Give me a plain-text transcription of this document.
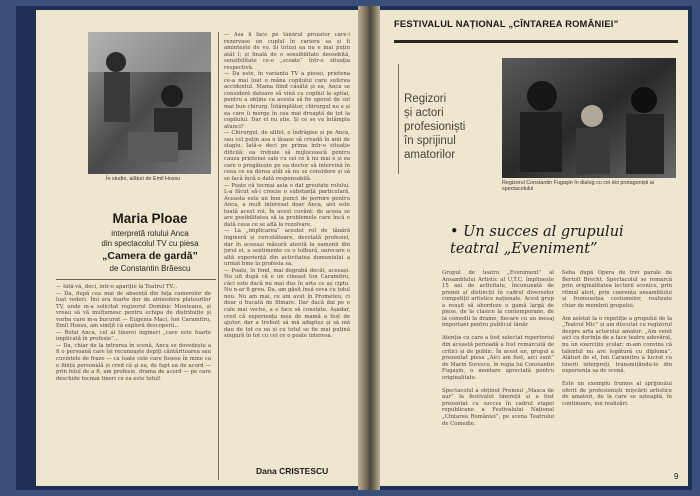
În studio, alături de Emil Hossu
Maria Ploae
interpretă rolului Anca
din spectacolul TV cu piesa
„Camera de gardă”
de Constantin Brăescu
— Iată-vă, deci, într-o apariție la Teatrul TV...
— Da, după cea mai de absență din fața camerelor de luat vederi. Îmi era foarte dor de atmosfera platourilor TV, unde m-a solicitat regizorul Dominic Munteanu, și vreau să vă mulțumesc pentru echipa de distribuție și vorba care m-a bucurat — Eugenia Maci, Ion Caramitru, Emil Hossu, am simțit că exploră descoperii...
— Rolul Anca, cel al tinerei ingineri „care este foarte implicată în profesie”...
— Da, chiar de la intrarea în scenă, Anca se dovedește a fi o persoană care își recunoaște depiți cântăritoarea sau cuvintele de fraze — ca toate cele care fusese în mine ca o ființă personală și cred că și ea, de fapt ea de acord — prin felul de a fi, am profesie, drama de acord — pe care deschide tocmai tineri ce ea este totul!
— Asa îi face pe tânărul prozator care-i rezervase un cuplul în cariera sa și îi amintește de vo. Și totuși ea nu e mai puțin atât î; și finală de o sensibilitate deosebită, sensibilitate ce-o „scoate” într-o situația respectivă.
— Da este, în varianta TV a piesei, prietena ce-a mai luat o mâna copilului care suferea accidentul. Mama fiind căsătă și ea, Anca se consideră datoare să vină cu copilul la spital, pentru a obține ca acesta să fie operat de cel mai bun chirurg. Întâmplător, chirurgul nu e și ea care îi merge în cea mai dreaptă de tot la copilului. Dar el nu știe. Și ce se va întâmpla atunci?
— Chirurgul, de altfel, o îndrăgise și pe Anca, sau cel puțin asa o lăsase să creadă în anii de stagiu. Iată-o deci pe prima într-o situație dificilă: ea trebuie să mijlocească pentru cauza prietenei sale cu cei ce îi nu mai e și ea care o pregătește pe ea doctor să intervină în ceea ce ea dorea atât să nu se considere și să se facă încă o dată responsabilă.
— Poate că tocmai asta o dat greutate rolului. L-a făcut să-i creeze o substanță particulară. Aceasta este un bun punct de pornire pentru Anca, a mult interesat doar Anca, aici este toată acest rol. În acest cuvânt: de aceea se are posibilitatea să ia problemele care încă o dată ceea ce se află la rezolvare.
— La „implicarea” acestei rol de tânără ingineră și cercetătoare, devotată profesiei, dar în aceeași măsură atentă la oamenii din jurul ei, a sentimente ce o tulbură, oarecare o altă experiență din activitatea domeniului a urmat bine la profesia sa.
— Poate, în fond, mai degrabă decât, aceeași. Nu uit după că e un cineast Ion Caramitru, căci este dacă nu mai dus în arta ce aș ciptu. Nu n-ar fi greu. Da, am găsit însă ceva cu totul nou. Nu am mai, ce am avut în Prometeu, ci doar o bucată de filmare. Dar dacă dai pe o cale mai veche, a o face să constate. Așadar, cred că experiența mea de mamă a fost de ajutor, dar a trebuit să mă adaptez și să mă dau de tot ce ea și cu totul se fie mai puțină singură în tot cu cei ce o poate interesa.
Dana CRISTESCU
FESTIVALUL NAȚIONAL „CÎNTAREA ROMÂNIEI”
Regizori
și actori
profesioniști
în sprijinul
amatorilor
Regizorul Constantin Fugaşin în dialog cu cei doi protagoniști ai spectacolului
• Un succes al grupului teatral „Eveniment”
Grupul de teatru „Eveniment” al Ansamblului Artistic al U.T.C. împlinește 15 ani de activitate, încununată de premii și distincții în cadrul diverselor competiții artistice naționale. Acest grup a reușit să abordeze o gamă largă de piese, de la clasice la contemporane, de la comedii la drame, fiecare cu un mesaj important pentru publicul tânăr.

Atenția cu care a fost selectat repertoriul din această perioadă a fost remarcată de critici și de public. În acest an, grupul a prezentat piesa „Aici am fost, aici sunt” de Marin Sorescu, în regia lui Constantin Fugașin, o montare apreciată pentru originalitate.

Spectacolul a obținut Premiul „Masca de aur” la festivalul tinereții și a fost prezentat cu succes în cadrul etapei republicane a Festivalului Național „Cîntarea României”, pe scena Teatrului de Comedie.
Seba după Opera de trei parale de Bertolt Brecht. Spectacolul se remarcă prin originalitatea lecturii scenice, prin ritmul alert, prin coerența ansamblului și frumusețea costumelor, realizate chiar de membrii grupului.

Am asistat la o repetiție a grupului de la „Teatrul Mic” și am discutat cu regizorul despre arta actorului amator: „Am venit aici cu dorința de a face teatru adevărat, nu un exercițiu școlar; m-am convins că talentul nu are legătură cu diploma”. Alături de el, Ion Caramitru a lucrat cu tinerii interpreți, transmițându-le din experiența sa de scenă.

Este un exemplu frumos al sprijinului oferit de profesioniști mișcării artistice de amatori, de la care se așteaptă, în continuare, noi realizări.
9
